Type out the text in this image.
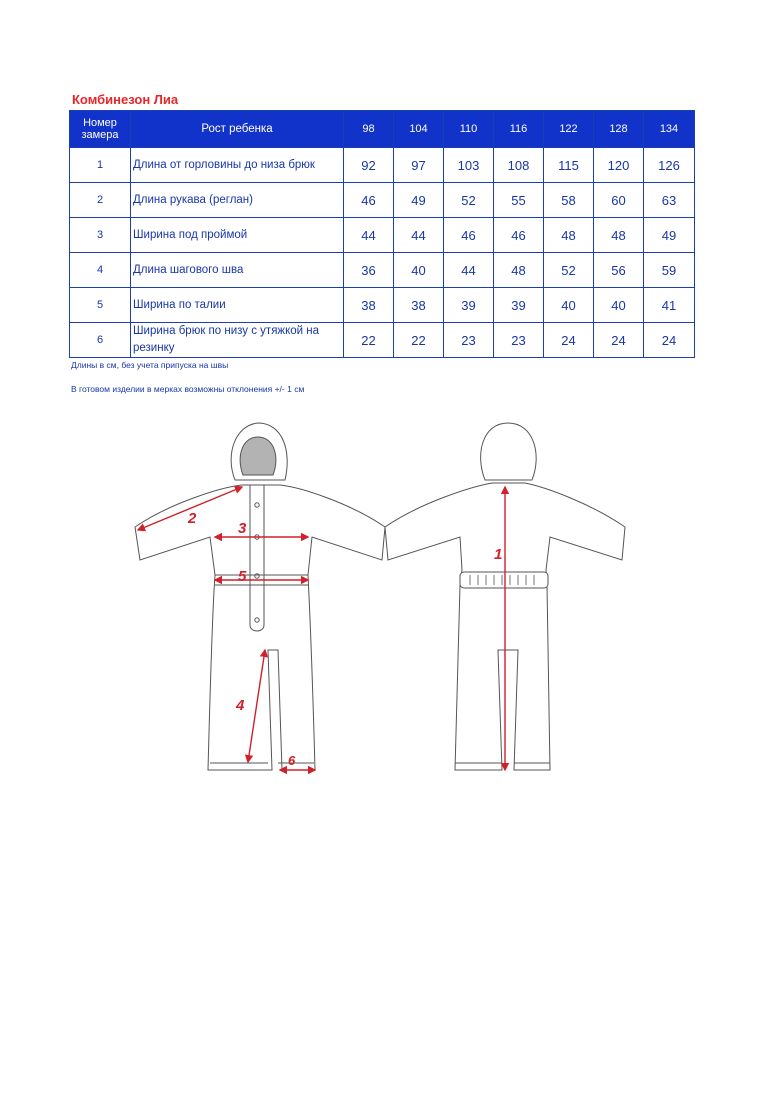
Комбинезон Лиа
Номер замера	Рост ребенка	98	104	110	116	122	128	134
1	Длина от горловины до низа брюк	92	97	103	108	115	120	126
2	Длина рукава (реглан)	46	49	52	55	58	60	63
3	Ширина под проймой	44	44	46	46	48	48	49
4	Длина шагового шва	36	40	44	48	52	56	59
5	Ширина по талии	38	38	39	39	40	40	41
6	Ширина брюк по низу с утяжкой на резинку	22	22	23	23	24	24	24
Длины в см, без учета припуска на швы
В готовом изделии в мерках возможны отклонения +/- 1 см
2
3
5
4
6
1
